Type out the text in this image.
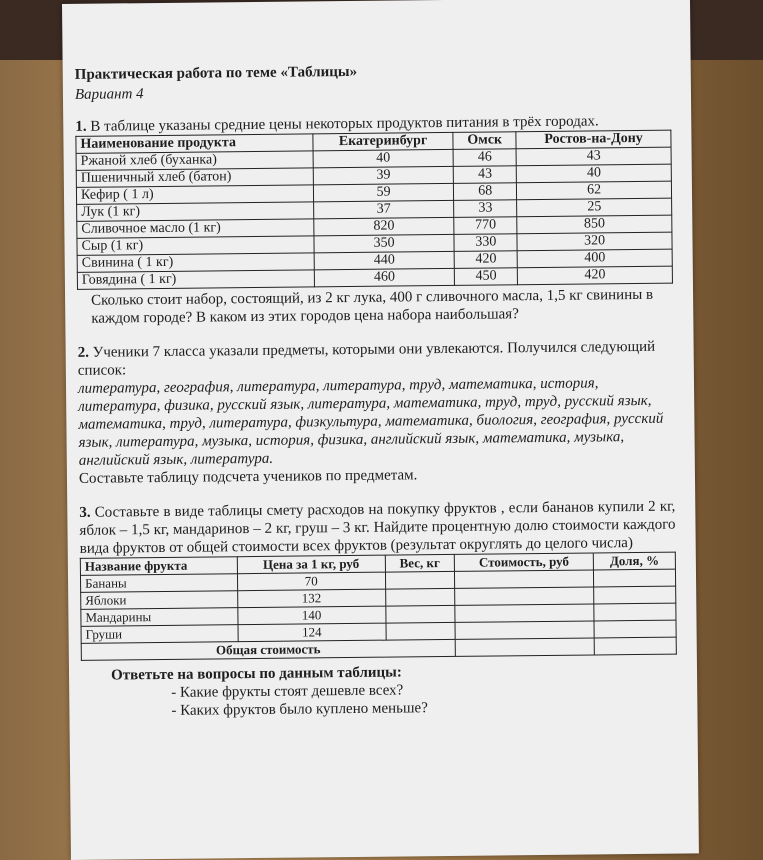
Практическая работа по теме «Таблицы»
Вариант 4

1. В таблице указаны средние цены некоторых продуктов питания в трёх городах.

Наименование продукта	Екатеринбург	Омск	Ростов-на-Дону
Ржаной хлеб (буханка)	40	46	43
Пшеничный хлеб (батон)	39	43	40
Кефир ( 1 л)	59	68	62
Лук (1 кг)	37	33	25
Сливочное масло (1 кг)	820	770	850
Сыр (1 кг)	350	330	320
Свинина ( 1 кг)	440	420	400
Говядина ( 1 кг)	460	450	420

Сколько стоит набор, состоящий, из 2 кг лука, 400 г сливочного масла, 1,5 кг свинины в каждом городе? В каком из этих городов цена набора наибольшая?

2. Ученики 7 класса указали предметы, которыми они увлекаются. Получился следующий список:

литература, география, литература, литература, труд, математика, история, литература, физика, русский язык, литература, математика, труд, труд, русский язык, математика, труд, литература, физкультура, математика, биология, география, русский язык, литература, музыка, история, физика, английский язык, математика, музыка, английский язык, литература.

Составьте таблицу подсчета учеников по предметам.

3. Составьте в виде таблицы смету расходов на покупку фруктов , если бананов купили 2 кг, яблок – 1,5 кг, мандаринов – 2 кг, груш – 3 кг. Найдите процентную долю стоимости каждого вида фруктов от общей стоимости всех фруктов (результат округлять до целого числа)

Название фрукта	Цена за 1 кг, руб	Вес, кг	Стоимость, руб	Доля, %
Бананы	70			
Яблоки	132			
Мандарины	140			
Груши	124			
Общая стоимость				
Ответьте на вопросы по данным таблицы:
- Какие фрукты стоят дешевле всех?
- Каких фруктов было куплено меньше?
